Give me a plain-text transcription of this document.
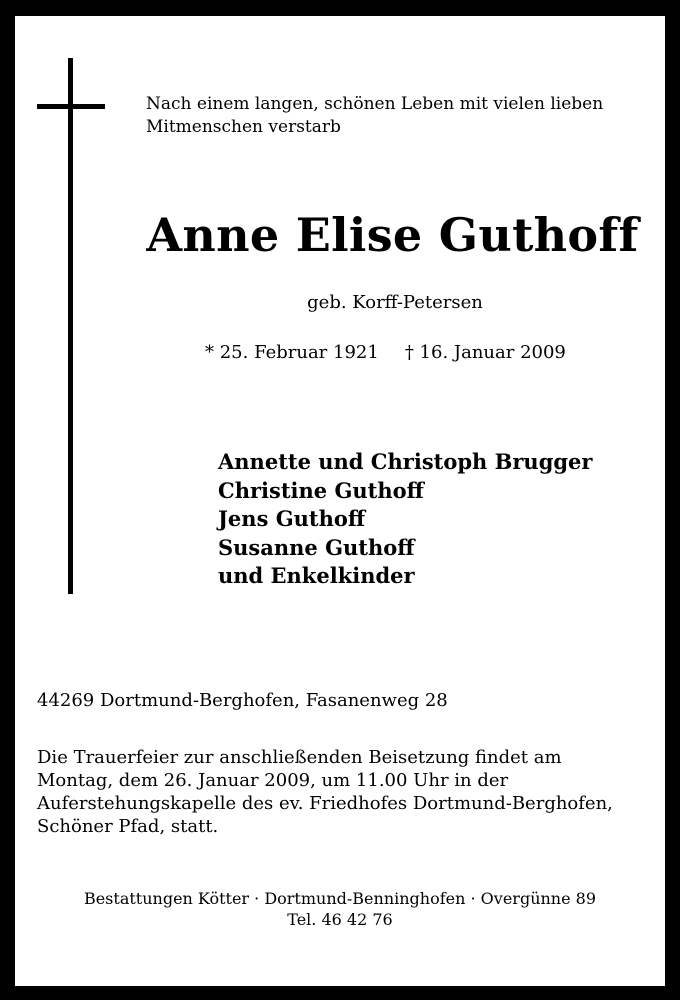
Nach einem langen, schönen Leben mit vielen lieben
Mitmenschen verstarb
Anne Elise Guthoff
geb. Korff-Petersen
* 25. Februar 1921 † 16. Januar 2009
Annette und Christoph Brugger
Christine Guthoff
Jens Guthoff
Susanne Guthoff
und Enkelkinder
44269 Dortmund-Berghofen, Fasanenweg 28
Die Trauerfeier zur anschließenden Beisetzung findet am
Montag, dem 26. Januar 2009, um 11.00 Uhr in der
Auferstehungskapelle des ev. Friedhofes Dortmund-Berghofen,
Schöner Pfad, statt.
Bestattungen Kötter · Dortmund-Benninghofen · Overgünne 89
Tel. 46 42 76
